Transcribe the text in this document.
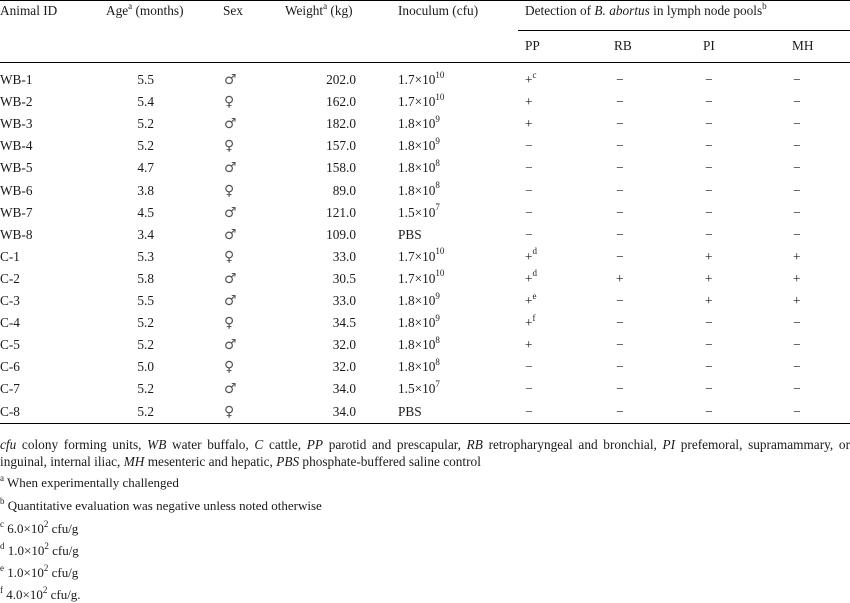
Animal ID	Age$^a$ (months)	Sex	Weight$^a$ (kg)	Inoculum (cfu)	Detection of B. abortus in lymph node pools$^b$
PP	RB	PI	MH
WB-1	5.5	♂	202.0	$1.7\times 10^{10}$	+$^c$	−	−	−
WB-2	5.4	♀	162.0	$1.7\times 10^{10}$	+	−	−	−
WB-3	5.2	♂	182.0	$1.8\times 10^9$	+	−	−	−
WB-4	5.2	♀	157.0	$1.8\times 10^9$	−	−	−	−
WB-5	4.7	♂	158.0	$1.8\times 10^8$	−	−	−	−
WB-6	3.8	♀	89.0	$1.8\times 10^8$	−	−	−	−
WB-7	4.5	♂	121.0	$1.5\times 10^7$	−	−	−	−
WB-8	3.4	♂	109.0	PBS	−	−	−	−
C-1	5.3	♀	33.0	$1.7\times 10^{10}$	+$^d$	−	+	+
C-2	5.8	♂	30.5	$1.7\times 10^{10}$	+$^d$	+	+	+
C-3	5.5	♂	33.0	$1.8\times 10^9$	+$^e$	−	+	+
C-4	5.2	♀	34.5	$1.8\times 10^9$	+$^f$	−	−	−
C-5	5.2	♂	32.0	$1.8\times 10^8$	+	−	−	−
C-6	5.0	♀	32.0	$1.8\times 10^8$	−	−	−	−
C-7	5.2	♂	34.0	$1.5\times 10^7$	−	−	−	−
C-8	5.2	♀	34.0	PBS	−	−	−	−
cfu colony forming units, WB water buffalo, C cattle, PP parotid and prescapular, RB retropharyngeal and bronchial, PI prefemoral, supramammary, or inguinal, internal iliac, MH mesenteric and hepatic, PBS phosphate-buffered saline control
$^a$ When experimentally challenged
$^b$ Quantitative evaluation was negative unless noted otherwise
$^c$ $6.0\times 10^2$ cfu/g
$^d$ $1.0\times 10^2$ cfu/g
$^e$ $1.0\times 10^2$ cfu/g
$^f$ $4.0\times 10^2$ cfu/g.
